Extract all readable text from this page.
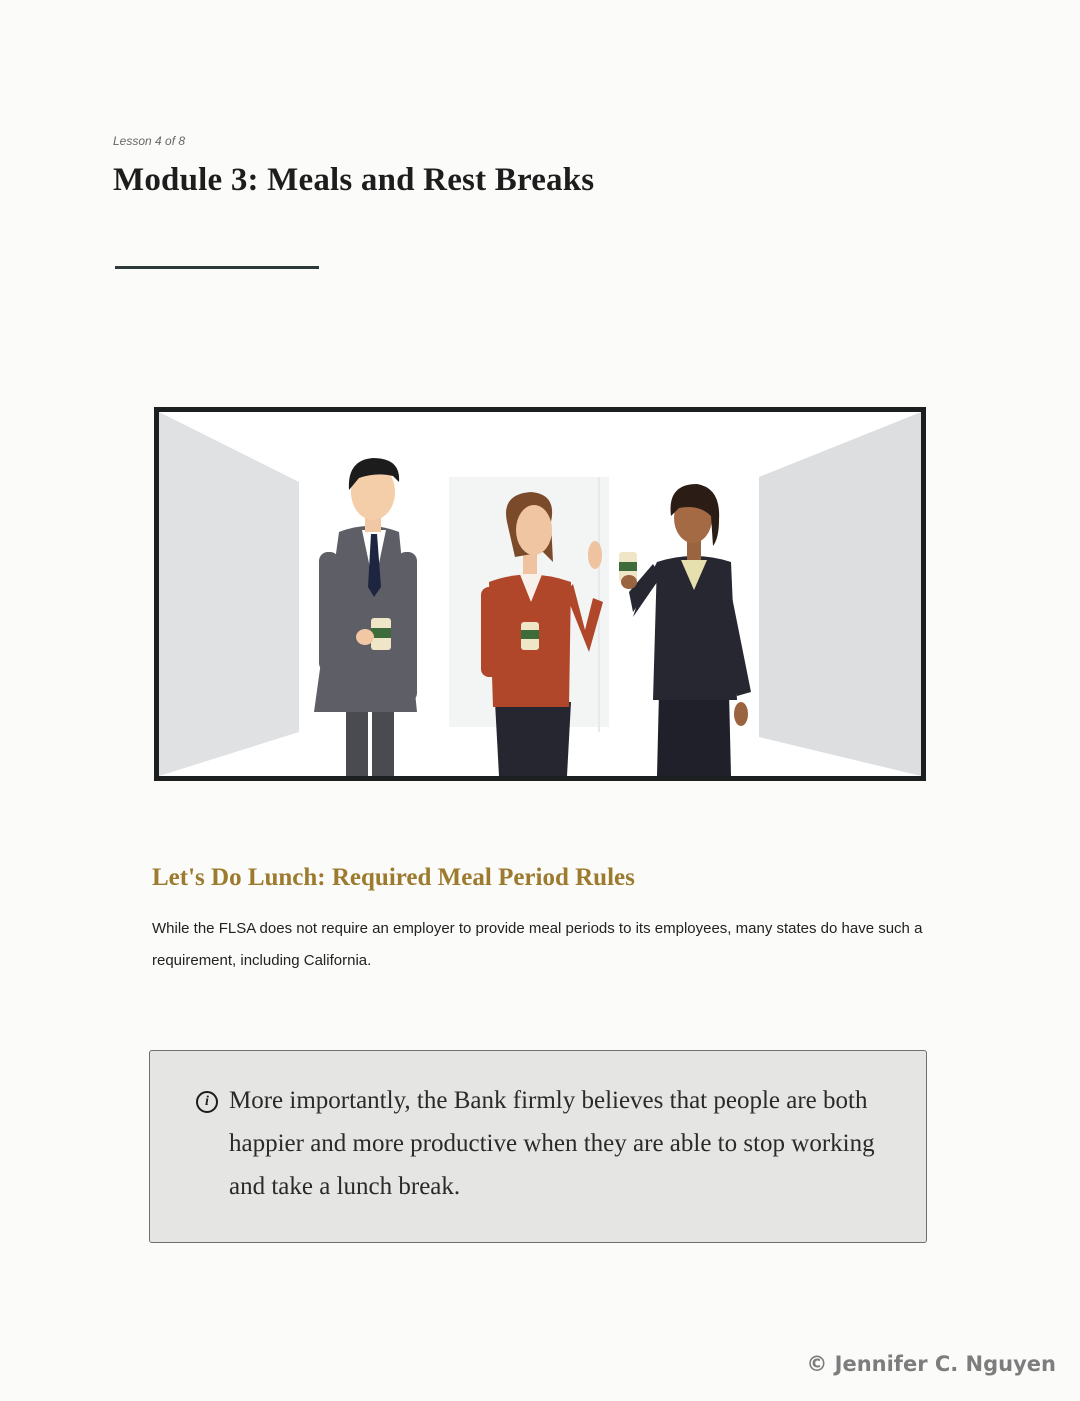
Lesson 4 of 8
Module 3: Meals and Rest Breaks
Let's Do Lunch: Required Meal Period Rules

While the FLSA does not require an employer to provide meal periods to its employees, many states do have such a requirement, including California.

i More importantly, the Bank firmly believes that people are both happier and more productive when they are able to stop working and take a lunch break.

© Jennifer C. Nguyen
